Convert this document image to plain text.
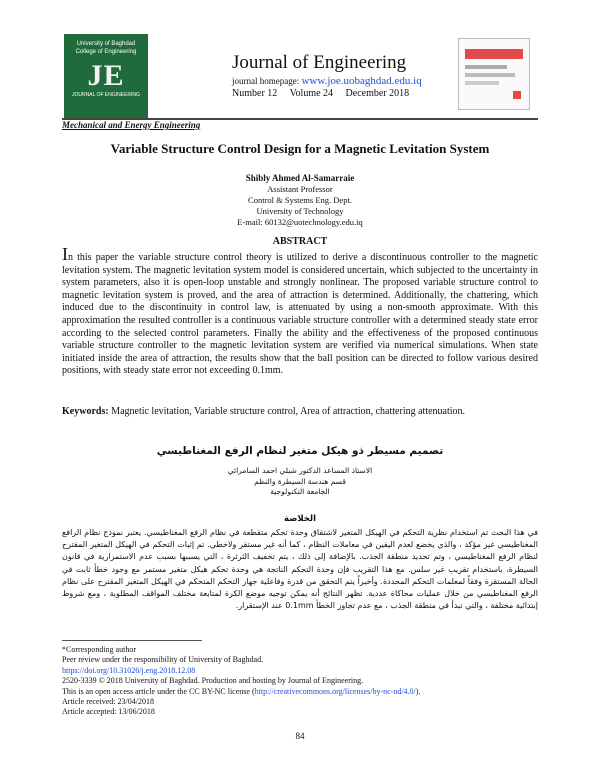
University of Baghdad
College of Engineering
JE
JOURNAL OF ENGINEERING
Journal of Engineering
journal homepage: www.joe.uobaghdad.edu.iq
Number 12 Volume 24 December 2018
Mechanical and Energy Engineering
Variable Structure Control Design for a Magnetic Levitation System
Shibly Ahmed Al-Samarraie
Assistant Professor
Control & Systems Eng. Dept.
University of Technology
E-mail: 60132@uotechnology.edu.iq
ABSTRACT
In this paper the variable structure control theory is utilized to derive a discontinuous controller to the magnetic levitation system. The magnetic levitation system model is considered uncertain, which subjected to the uncertainty in system parameters, also it is open-loop unstable and strongly nonlinear. The proposed variable structure control to magnetic levitation system is proved, and the area of attraction is determined. Additionally, the chattering, which induced due to the discontinuity in control law, is attenuated by using a non-smooth approximate. With this approximation the resulted controller is a continuous variable structure controller with a determined steady state error according to the selected control parameters. Finally the ability and the effectiveness of the proposed continuous variable structure controller to the magnetic levitation system are verified via numerical simulations. When state initiated inside the area of attraction, the results show that the ball position can be directed to follow various desired positions, with steady state error not exceeding 0.1mm.
Keywords: Magnetic levitation, Variable structure control, Area of attraction, chattering attenuation.
تصميم مسيطر ذو هيكل متغير لنظام الرفع المغناطيسي
الاستاذ المساعد الدكتور شبلي احمد السامرائي
قسم هندسة السيطرة والنظم
الجامعة التكنولوجية
الخلاصة
في هذا البحث تم استخدام نظرية التحكم في الهيكل المتغير لاشتقاق وحدة تحكم متقطعة في نظام الرفع المغناطيسي. يعتبر نموذج نظام الرافع المغناطيسي غير مؤكد ، والذي يخضع لعدم اليقين في معاملات النظام ، كما أنه غير مستقر ولاخطي. تم إثبات التحكم في الهيكل المتغير المقترح لنظام الرفع المغناطيسي ، وتم تحديد منطقة الجذب. بالإضافة إلى ذلك ، يتم تخفيف الثرثرة ، التي يسببها بسبب عدم الاستمرارية في قانون السيطرة، باستخدام تقريب غير سلس. مع هذا التقريب فإن وحدة التحكم الناتجة هي وحدة تحكم هيكل متغير مستمر مع وجود خطأ ثابت في الحالة المستقرة وفقاً لمعلمات التحكم المحددة. وأخيراً يتم التحقق من قدرة وفاعلية جهاز التحكم المتحكم في الهيكل المتغير المقترح على نظام الرفع المغناطيسي من خلال عمليات محاكاة عددية. تظهر النتائج أنه يمكن توجيه موضع الكرة لمتابعة مختلف المواقف المطلوبة ، ومع شروط إبتدائية مختلفة ، والتي تبدأ في منطقة الجذب ، مع عدم تجاوز الخطأ 0.1mm عند الإستقرار.
*Corresponding author
Peer review under the responsibility of University of Baghdad.
https://doi.org/10.31026/j.eng.2018.12.08
2520-3339 © 2018 University of Baghdad. Production and hosting by Journal of Engineering.
This is an open access article under the CC BY-NC license (http://creativecommons.org/licenses/by-nc-nd/4.0/).
Article received: 23/04/2018
Article accepted: 13/06/2018
84
